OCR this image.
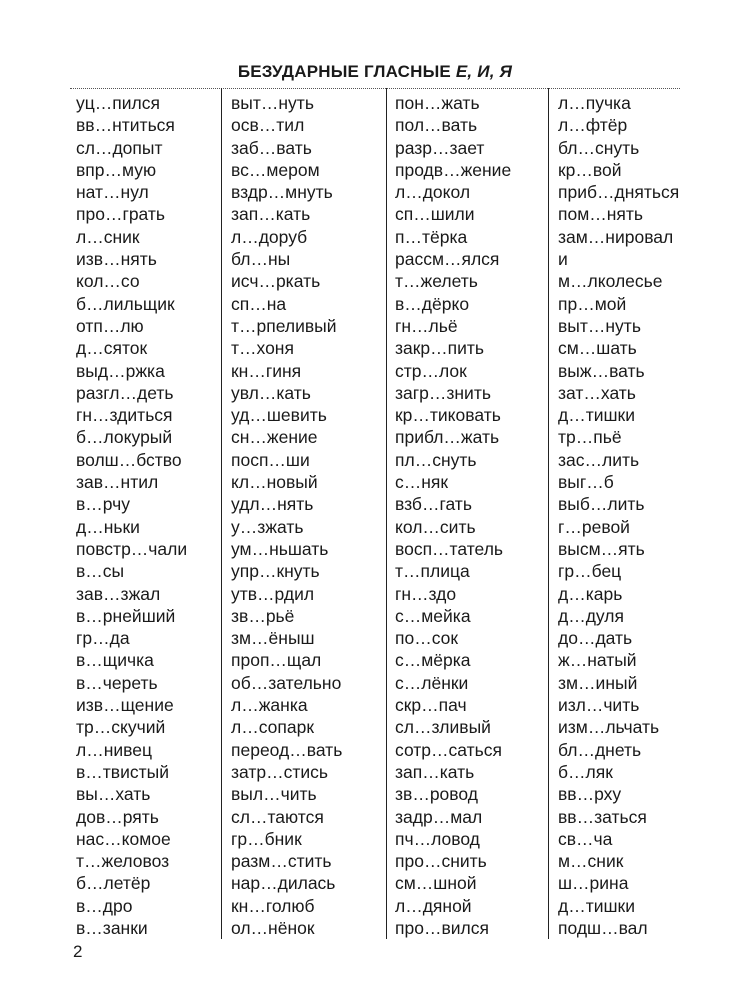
БЕЗУДАРНЫЕ ГЛАСНЫЕ Е, И, Я
уц…пился
вв…нтиться
сл…допыт
впр…мую
нат…нул
про…грать
л…сник
изв…нять
кол…со
б…лильщик
отп…лю
д…сяток
выд…ржка
разгл…деть
гн…здиться
б…локурый
волш…бство
зав…нтил
в…рчу
д…ньки
повстр…чали
в…сы
зав…зжал
в…рнейший
гр…да
в…щичка
в…череть
изв…щение
тр…скучий
л…нивец
в…твистый
вы…хать
дов…рять
нас…комое
т…желовоз
б…летёр
в…дро
в…занки
выт…нуть
осв…тил
заб…вать
вс…мером
вздр…мнуть
зап…кать
л…доруб
бл…ны
исч…ркать
сп…на
т…рпеливый
т…хоня
кн…гиня
увл…кать
уд…шевить
сн…жение
посп…ши
кл…новый
удл…нять
у…зжать
ум…ньшать
упр…кнуть
утв…рдил
зв…рьё
зм…ёныш
проп…щал
об…зательно
л…жанка
л…сопарк
переод…вать
затр…стись
выл…чить
сл…таются
гр…бник
разм…стить
нар…дилась
кн…голюб
ол…нёнок
пон…жать
пол…вать
разр…зает
продв…жение
л…докол
сп…шили
п…тёрка
рассм…ялся
т…желеть
в…дёрко
гн…льё
закр…пить
стр…лок
загр…знить
кр…тиковать
прибл…жать
пл…снуть
с…няк
взб…гать
кол…сить
восп…татель
т…плица
гн…здо
с…мейка
по…сок
с…мёрка
с…лёнки
скр…пач
сл…зливый
сотр…саться
зап…кать
зв…ровод
задр…мал
пч…ловод
про…снить
см…шной
л…дяной
про…вился
л…пучка
л…фтёр
бл…снуть
кр…вой
приб…дняться
пом…нять
зам…нировал
и
м…лколесье
пр…мой
выт…нуть
см…шать
выж…вать
зат…хать
д…тишки
тр…пьё
зас…лить
выг…б
выб…лить
г…ревой
высм…ять
гр…бец
д…карь
д…дуля
до…дать
ж…натый
зм…иный
изл…чить
изм…льчать
бл…днеть
б…ляк
вв…рху
вв…заться
св…ча
м…сник
ш…рина
д…тишки
подш…вал
2
